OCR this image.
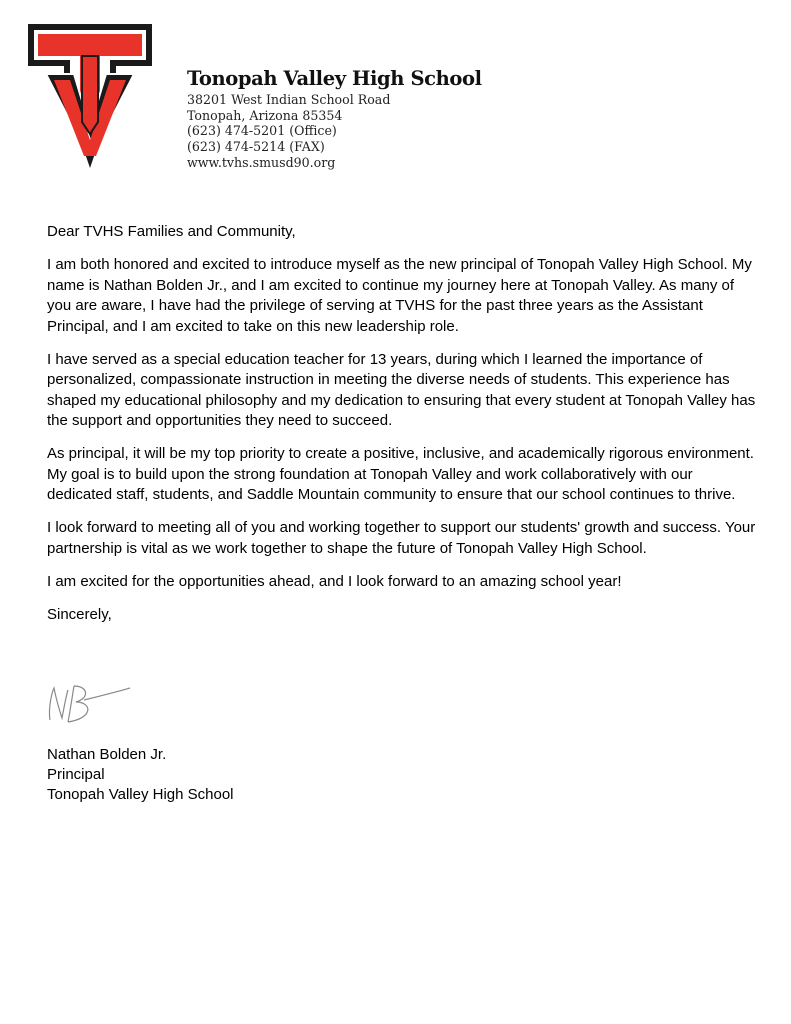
Tonopah Valley High School
38201 West Indian School Road
Tonopah, Arizona 85354
(623) 474-5201 (Office)
(623) 474-5214 (FAX)
www.tvhs.smusd90.org

Dear TVHS Families and Community,

I am both honored and excited to introduce myself as the new principal of Tonopah Valley High School. My name is Nathan Bolden Jr., and I am excited to continue my journey here at Tonopah Valley. As many of you are aware, I have had the privilege of serving at TVHS for the past three years as the Assistant Principal, and I am excited to take on this new leadership role.

I have served as a special education teacher for 13 years, during which I learned the importance of personalized, compassionate instruction in meeting the diverse needs of students. This experience has shaped my educational philosophy and my dedication to ensuring that every student at Tonopah Valley has the support and opportunities they need to succeed.

As principal, it will be my top priority to create a positive, inclusive, and academically rigorous environment. My goal is to build upon the strong foundation at Tonopah Valley and work collaboratively with our dedicated staff, students, and Saddle Mountain community to ensure that our school continues to thrive.

I look forward to meeting all of you and working together to support our students' growth and success. Your partnership is vital as we work together to shape the future of Tonopah Valley High School.

I am excited for the opportunities ahead, and I look forward to an amazing school year!

Sincerely,

Nathan Bolden Jr.
Principal
Tonopah Valley High School
